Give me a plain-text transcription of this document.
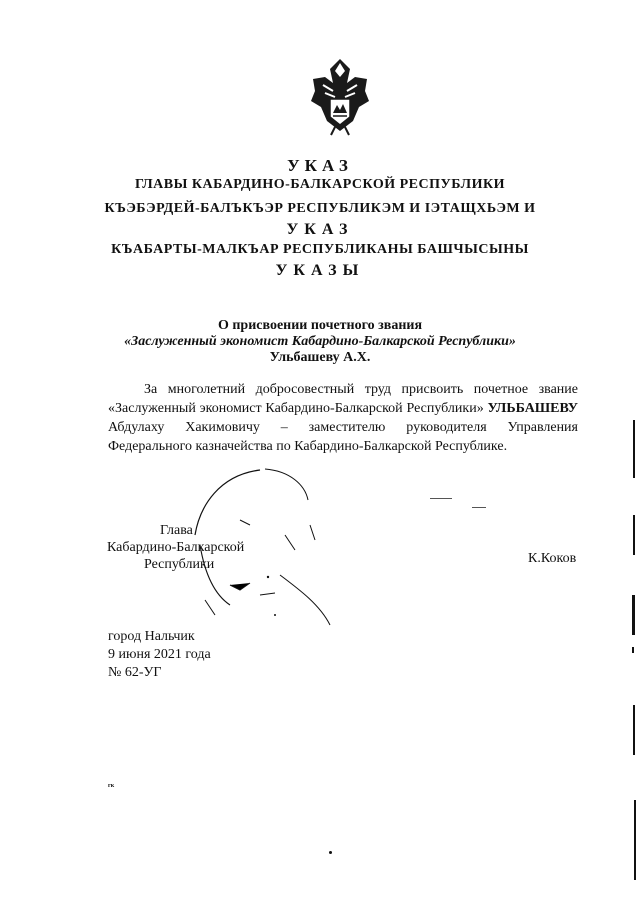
УКАЗ
ГЛАВЫ КАБАРДИНО-БАЛКАРСКОЙ РЕСПУБЛИКИ
КЪЭБЭРДЕЙ-БАЛЪКЪЭР РЕСПУБЛИКЭМ И ІЭТАЩХЬЭМ И
УКАЗ
КЪАБАРТЫ-МАЛКЪАР РЕСПУБЛИКАНЫ БАШЧЫСЫНЫ
УКАЗЫ
О присвоении почетного звания
«Заслуженный экономист Кабардино-Балкарской Республики»
Ульбашеву А.Х.

За многолетний добросовестный труд присвоить почетное звание «Заслуженный экономист Кабардино-Балкарской Республики» УЛЬБАШЕВУ Абдулаху Хакимовичу – заместителю руководителя Управления Федерального казначейства по Кабардино-Балкарской Республике.

Глава
Кабардино-Балкарской
Республики	К.Коков
город Нальчик
9 июня 2021 года
№ 62-УГ
гк
